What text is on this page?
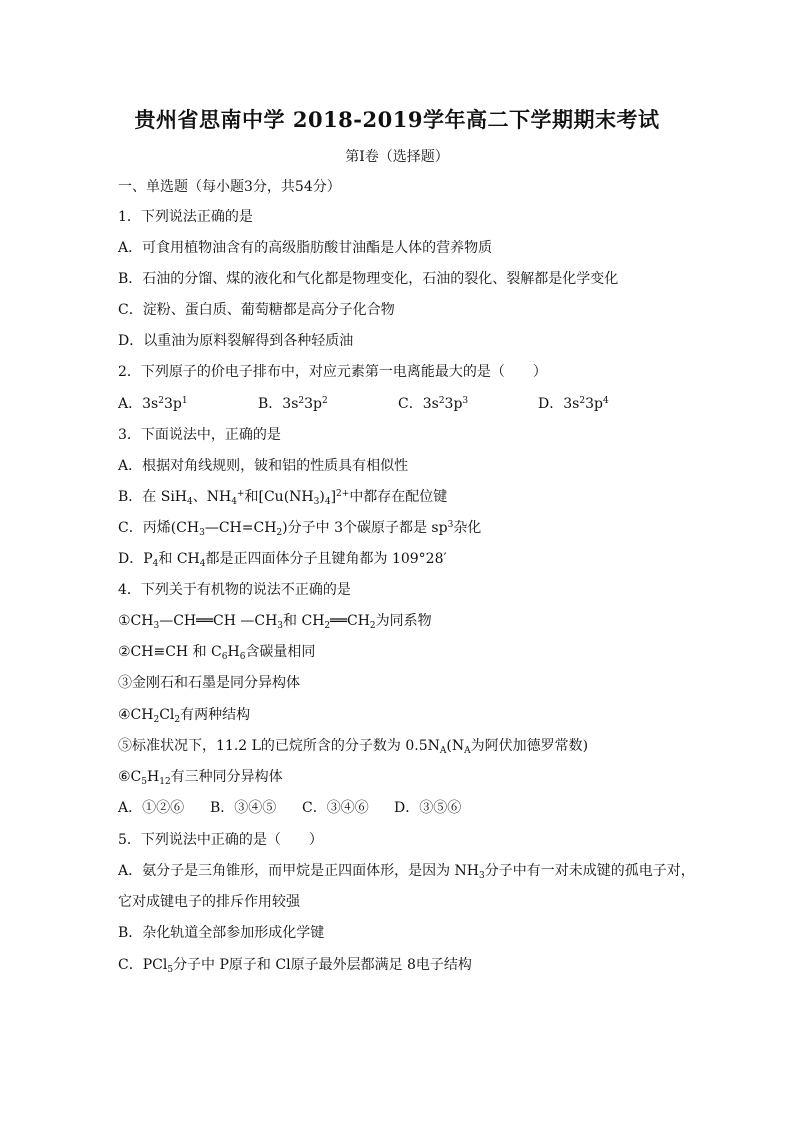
贵州省思南中学 2018-2019学年高二下学期期末考试
第I卷（选择题）
一、单选题（每小题3分，共54分）
1．下列说法正确的是
A．可食用植物油含有的高级脂肪酸甘油酯是人体的营养物质
B．石油的分馏、煤的液化和气化都是物理变化，石油的裂化、裂解都是化学变化
C．淀粉、蛋白质、葡萄糖都是高分子化合物
D．以重油为原料裂解得到各种轻质油
2．下列原子的价电子排布中，对应元素第一电离能最大的是（　　）
A．$3s^23p^1$	B．$3s^23p^2$	C．$3s^23p^3$	D．$3s^23p^4$
3．下面说法中，正确的是
A．根据对角线规则，铍和铝的性质具有相似性
B．在 SiH$_4$、$NH_4^+$和$[Cu(NH_3)_4]^{2+}$中都存在配位键
C．丙烯$(CH_3—CH=CH_2)$分子中 3个碳原子都是 $sp^3$杂化
D．$P_4$和 $CH_4$都是正四面体分子且键角都为 109°28′
4．下列关于有机物的说法不正确的是
$①CH_3—CH══CH$ $—CH_3$和 $CH_2══CH_2$为同系物
②CH≡CH 和 $C_6H_6$含碳量相同
③金刚石和石墨是同分异构体
$④CH_2Cl_2$有两种结构
⑤标准状况下，11.2 L的已烷所含的分子数为 $0.5N_A(N_A$为阿伏加德罗常数)
$⑥C_5H_{12}$有三种同分异构体
A．①②⑥	B．③④⑤	C．③④⑥	D．③⑤⑥
5．下列说法中正确的是（　　）
A．氨分子是三角锥形，而甲烷是正四面体形，是因为 $NH_3$分子中有一对未成键的孤电子对，
它对成键电子的排斥作用较强
B．杂化轨道全部参加形成化学键
C．PCl$_5$分子中 P原子和 Cl原子最外层都满足 8电子结构
